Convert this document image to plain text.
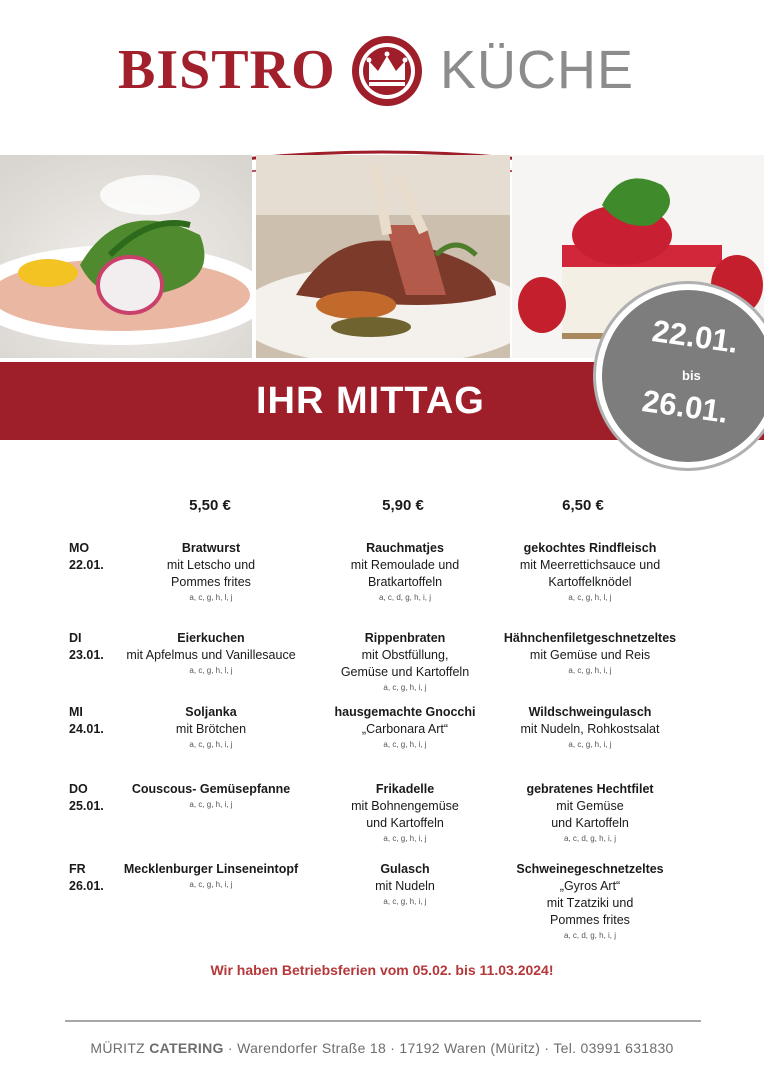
BISTRO KÜCHE
IHR MITTAG
22.01.
bis
26.01.
5,50 €	5,90 €	6,50 €
MO
22.01.
Bratwurst
mit Letscho und
Pommes frites
a, c, g, h, l, j
Rauchmatjes
mit Remoulade und
Bratkartoffeln
a, c, d, g, h, i, j
gekochtes Rindfleisch
mit Meerrettichsauce und
Kartoffelknödel
a, c, g, h, l, j
DI
23.01.
Eierkuchen
mit Apfelmus und Vanillesauce
a, c, g, h, l, j
Rippenbraten
mit Obstfüllung,
Gemüse und Kartoffeln
a, c, g, h, i, j
Hähnchenfiletgeschnetzeltes
mit Gemüse und Reis
a, c, g, h, i, j
MI
24.01.
Soljanka
mit Brötchen
a, c, g, h, i, j
hausgemachte Gnocchi
„Carbonara Art“
a, c, g, h, i, j
Wildschweingulasch
mit Nudeln, Rohkostsalat
a, c, g, h, i, j
DO
25.01.
Couscous- Gemüsepfanne
a, c, g, h, i, j
Frikadelle
mit Bohnengemüse
und Kartoffeln
a, c, g, h, i, j
gebratenes Hechtfilet
mit Gemüse
und Kartoffeln
a, c, d, g, h, i, j
FR
26.01.
Mecklenburger Linseneintopf
a, c, g, h, i, j
Gulasch
mit Nudeln
a, c, g, h, i, j
Schweinegeschnetzeltes
„Gyros Art“
mit Tzatziki und
Pommes frites
a, c, d, g, h, i, j
Wir haben Betriebsferien vom 05.02. bis 11.03.2024!
MÜRITZ CATERING · Warendorfer Straße 18 · 17192 Waren (Müritz) · Tel. 03991 631830
